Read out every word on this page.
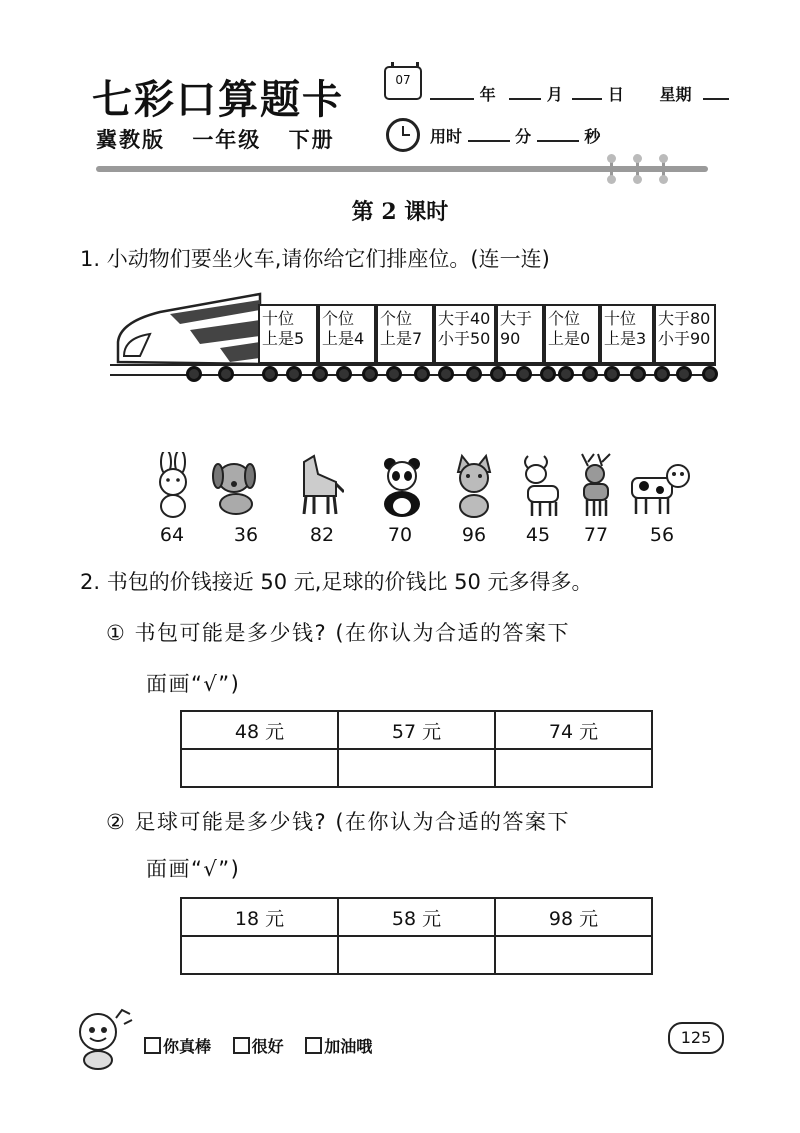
七彩口算题卡
冀教版 一年级 下册
07
年	月	日 星期
用时	分	秒
第 2 课时
1. 小动物们要坐火车,请你给它们排座位。(连一连)
十位
上是5
个位
上是4
个位
上是7
大于40
小于50
大于
90
个位
上是0
十位
上是3
大于80
小于90
64	36	82	70	96	45	77	56
2. 书包的价钱接近 50 元,足球的价钱比 50 元多得多。
① 书包可能是多少钱? (在你认为合适的答案下
面画“√”)
48 元	57 元	74 元

② 足球可能是多少钱? (在你认为合适的答案下
面画“√”)
18 元	58 元	98 元

你真棒	很好	加油哦	125
